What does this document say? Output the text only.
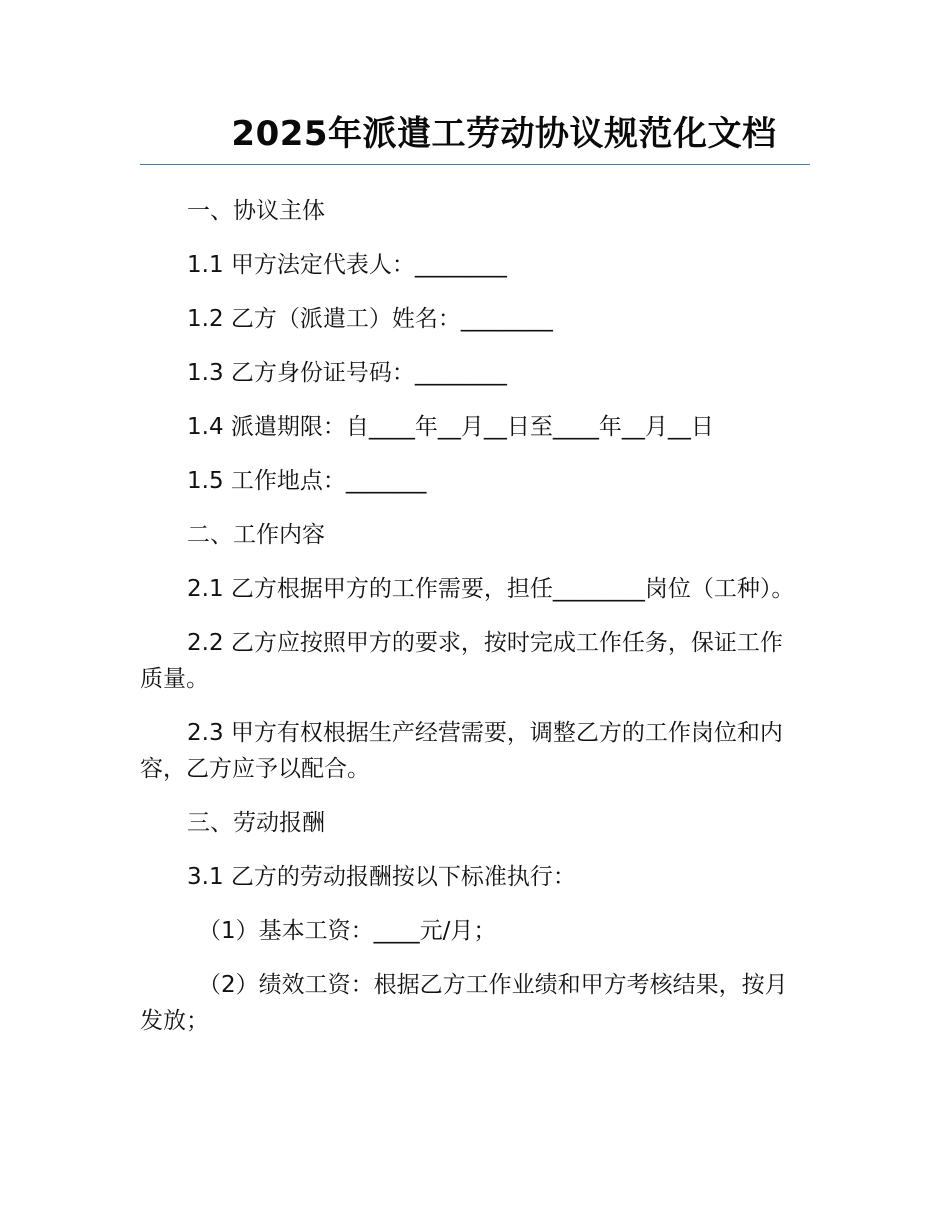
2025年派遣工劳动协议规范化文档

一、协议主体

1.1 甲方法定代表人：________

1.2 乙方（派遣工）姓名：________

1.3 乙方身份证号码：________

1.4 派遣期限：自____年__月__日至____年__月__日

1.5 工作地点：_______

二、工作内容

2.1 乙方根据甲方的工作需要，担任________岗位（工种）。

2.2 乙方应按照甲方的要求，按时完成工作任务，保证工作质量。

2.3 甲方有权根据生产经营需要，调整乙方的工作岗位和内容，乙方应予以配合。

三、劳动报酬

3.1 乙方的劳动报酬按以下标准执行：

（1）基本工资：____元/月；

（2）绩效工资：根据乙方工作业绩和甲方考核结果，按月发放；
